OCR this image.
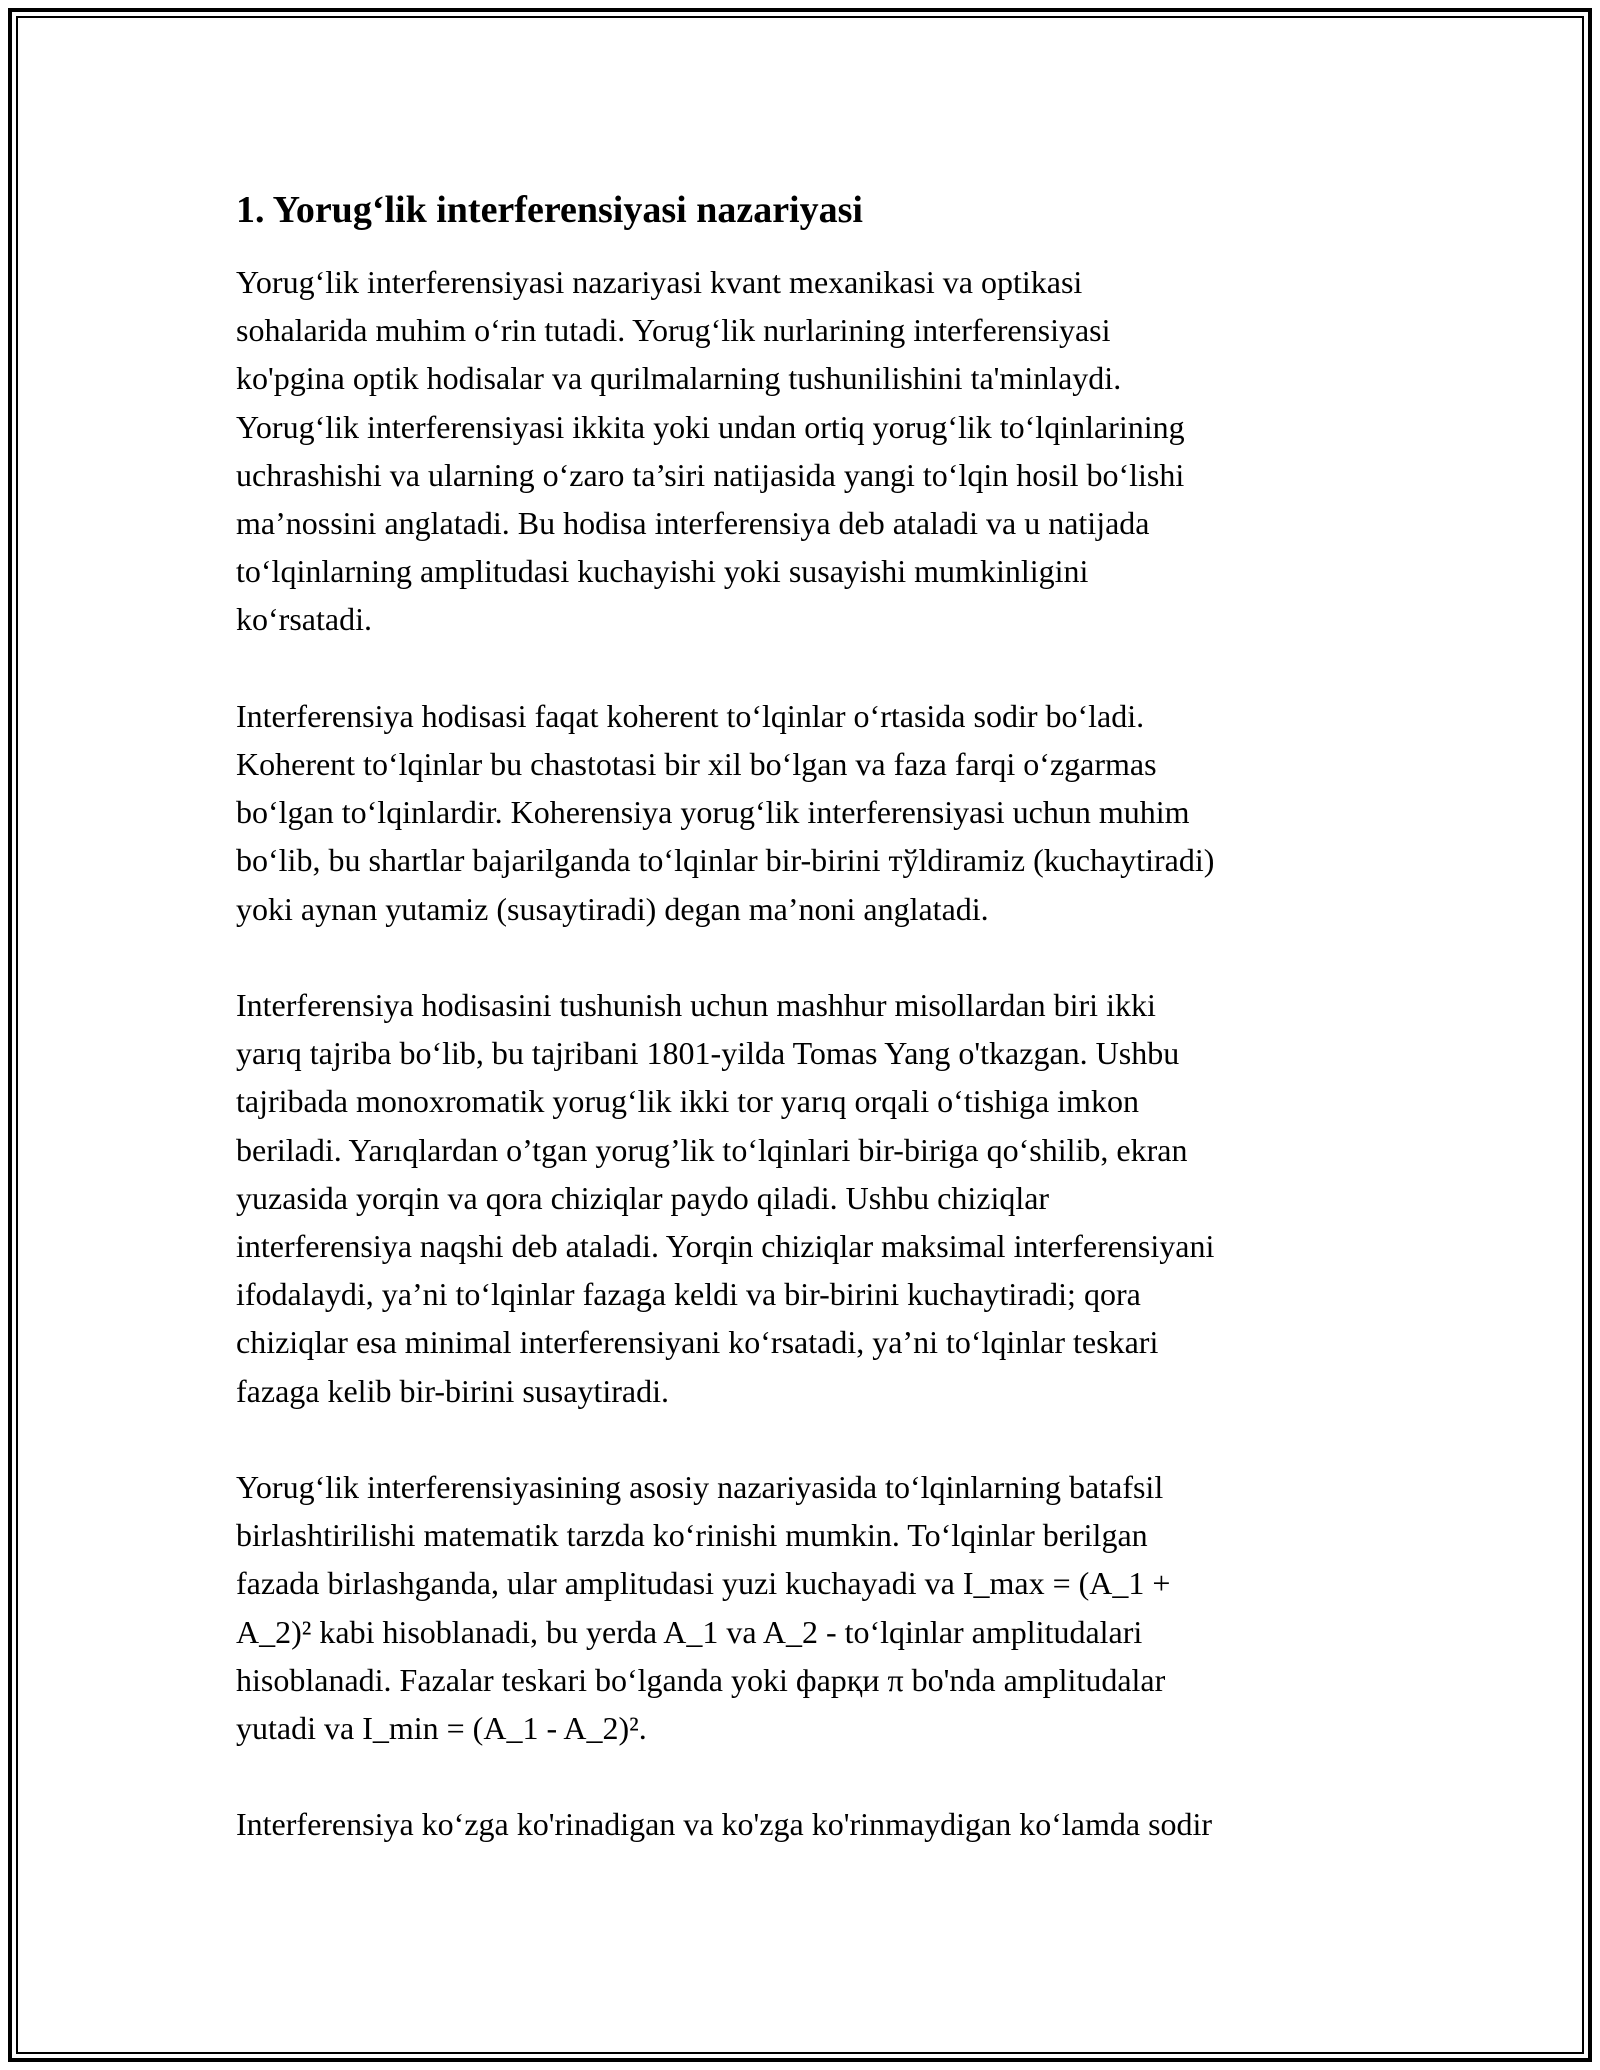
1. Yorug‘lik interferensiyasi nazariyasi

Yorug‘lik interferensiyasi nazariyasi kvant mexanikasi va optikasi
sohalarida muhim o‘rin tutadi. Yorug‘lik nurlarining interferensiyasi
ko'pgina optik hodisalar va qurilmalarning tushunilishini ta'minlaydi.
Yorug‘lik interferensiyasi ikkita yoki undan ortiq yorug‘lik to‘lqinlarining
uchrashishi va ularning o‘zaro ta’siri natijasida yangi to‘lqin hosil bo‘lishi
ma’nossini anglatadi. Bu hodisa interferensiya deb ataladi va u natijada
to‘lqinlarning amplitudasi kuchayishi yoki susayishi mumkinligini
ko‘rsatadi.

Interferensiya hodisasi faqat koherent to‘lqinlar o‘rtasida sodir bo‘ladi.
Koherent to‘lqinlar bu chastotasi bir xil bo‘lgan va faza farqi o‘zgarmas
bo‘lgan to‘lqinlardir. Koherensiya yorug‘lik interferensiyasi uchun muhim
bo‘lib, bu shartlar bajarilganda to‘lqinlar bir-birini тўldiramiz (kuchaytiradi)
yoki aynan yutamiz (susaytiradi) degan ma’noni anglatadi.

Interferensiya hodisasini tushunish uchun mashhur misollardan biri ikki
yarıq tajriba bo‘lib, bu tajribani 1801-yilda Tomas Yang o'tkazgan. Ushbu
tajribada monoxromatik yorug‘lik ikki tor yarıq orqali o‘tishiga imkon
beriladi. Yarıqlardan o’tgan yorug’lik to‘lqinlari bir-biriga qo‘shilib, ekran
yuzasida yorqin va qora chiziqlar paydo qiladi. Ushbu chiziqlar
interferensiya naqshi deb ataladi. Yorqin chiziqlar maksimal interferensiyani
ifodalaydi, ya’ni to‘lqinlar fazaga keldi va bir-birini kuchaytiradi; qora
chiziqlar esa minimal interferensiyani ko‘rsatadi, ya’ni to‘lqinlar teskari
fazaga kelib bir-birini susaytiradi.

Yorug‘lik interferensiyasining asosiy nazariyasida to‘lqinlarning batafsil
birlashtirilishi matematik tarzda ko‘rinishi mumkin. To‘lqinlar berilgan
fazada birlashganda, ular amplitudasi yuzi kuchayadi va I_max = (A_1 +
A_2)² kabi hisoblanadi, bu yerda A_1 va A_2 - to‘lqinlar amplitudalari
hisoblanadi. Fazalar teskari bo‘lganda yoki фарқи π bo'nda amplitudalar
yutadi va I_min = (A_1 - A_2)².

Interferensiya ko‘zga ko'rinadigan va ko'zga ko'rinmaydigan ko‘lamda sodir
